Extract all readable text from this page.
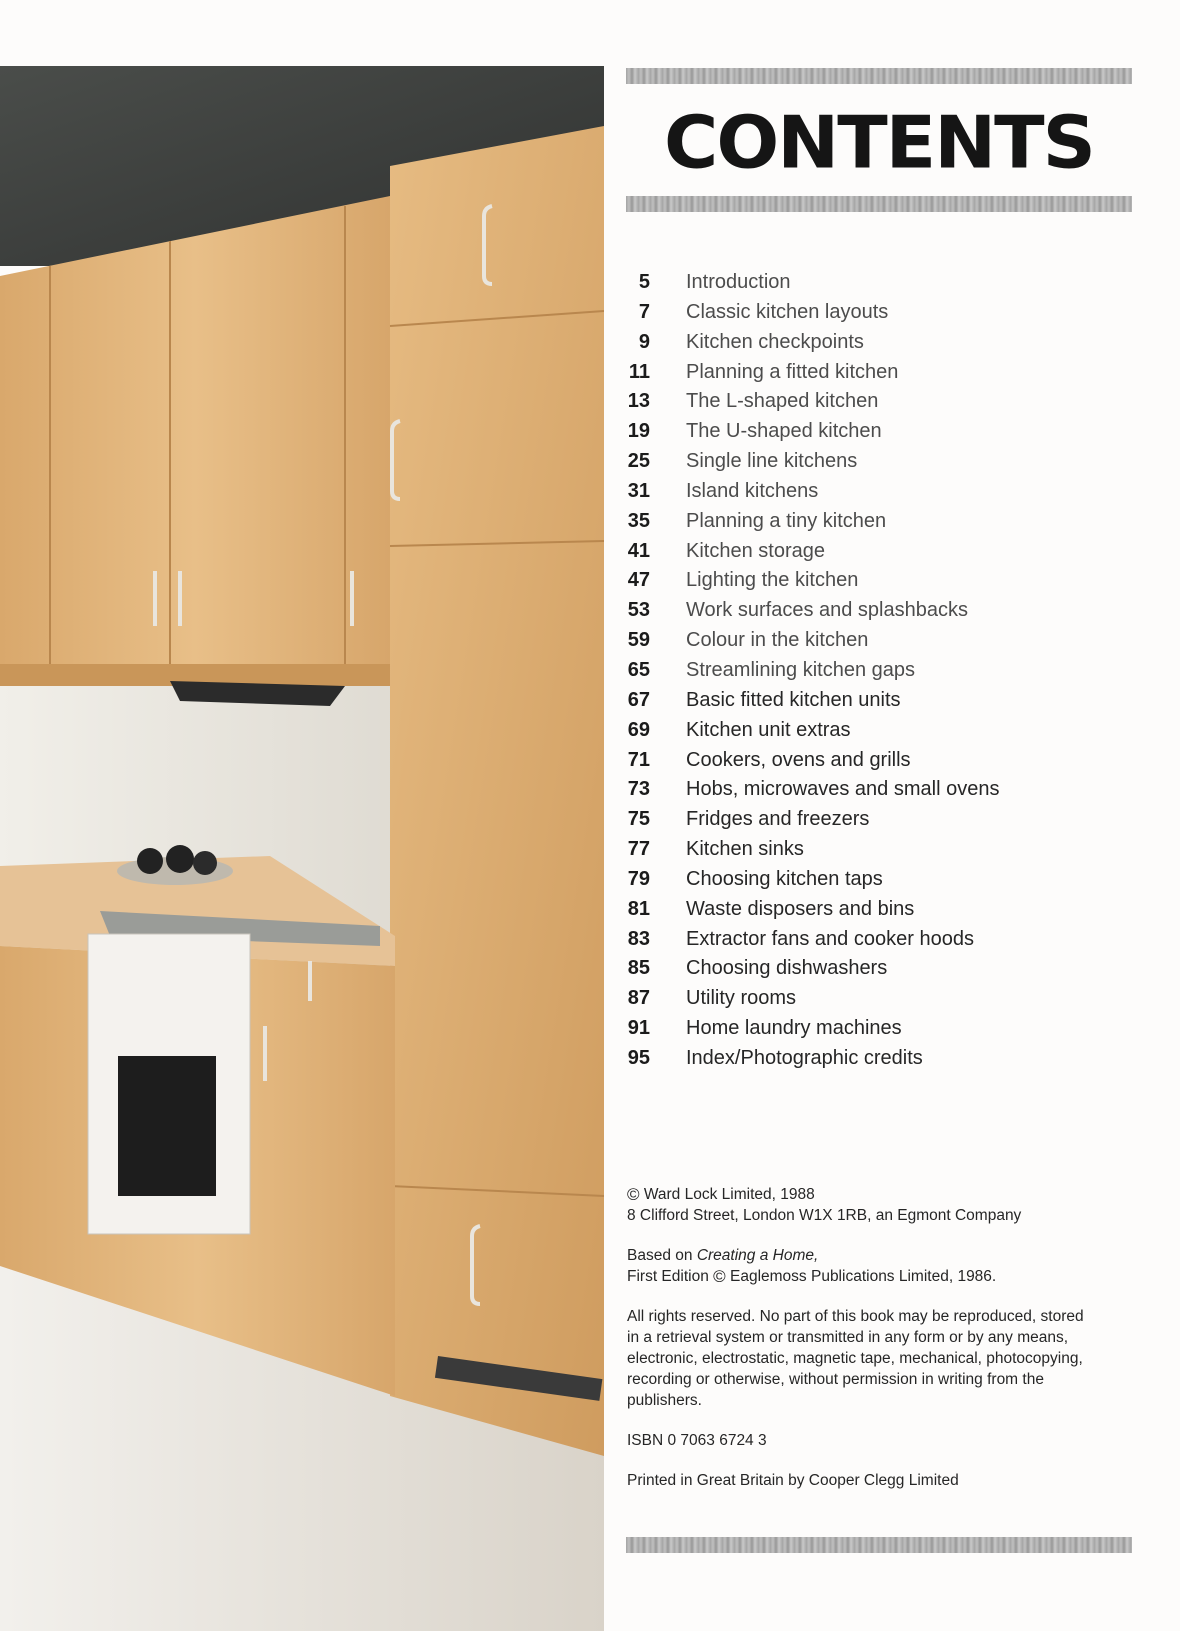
CONTENTS
5 Introduction
7 Classic kitchen layouts
9 Kitchen checkpoints
11 Planning a fitted kitchen
13 The L-shaped kitchen
19 The U-shaped kitchen
25 Single line kitchens
31 Island kitchens
35 Planning a tiny kitchen
41 Kitchen storage
47 Lighting the kitchen
53 Work surfaces and splashbacks
59 Colour in the kitchen
65 Streamlining kitchen gaps
67 Basic fitted kitchen units
69 Kitchen unit extras
71 Cookers, ovens and grills
73 Hobs, microwaves and small ovens
75 Fridges and freezers
77 Kitchen sinks
79 Choosing kitchen taps
81 Waste disposers and bins
83 Extractor fans and cooker hoods
85 Choosing dishwashers
87 Utility rooms
91 Home laundry machines
95 Index/Photographic credits

© Ward Lock Limited, 1988
8 Clifford Street, London W1X 1RB, an Egmont Company

Based on Creating a Home,
First Edition © Eaglemoss Publications Limited, 1986.

All rights reserved. No part of this book may be reproduced, stored
in a retrieval system or transmitted in any form or by any means,
electronic, electrostatic, magnetic tape, mechanical, photocopying,
recording or otherwise, without permission in writing from the
publishers.

ISBN 0 7063 6724 3

Printed in Great Britain by Cooper Clegg Limited
